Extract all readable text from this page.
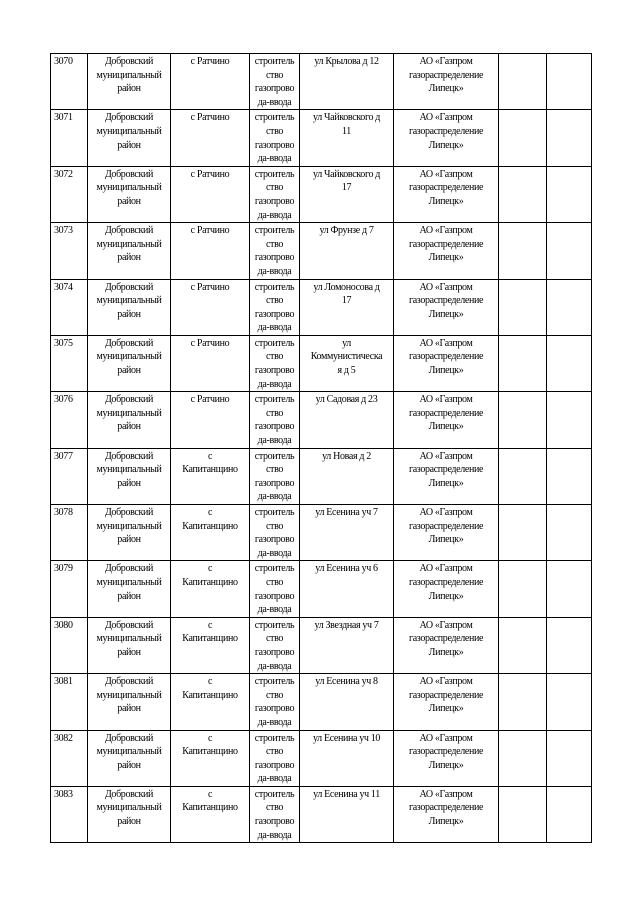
3070	Добровский
муниципальный
район	с Ратчино	строитель
ство
газопрово
да-ввода	ул Крылова д 12	АО «Газпром
газораспределение
Липецк»		

3071	Добровский
муниципальный
район	с Ратчино	строитель
ство
газопрово
да-ввода	ул Чайковского д
11	АО «Газпром
газораспределение
Липецк»		

3072	Добровский
муниципальный
район	с Ратчино	строитель
ство
газопрово
да-ввода	ул Чайковского д
17	АО «Газпром
газораспределение
Липецк»		

3073	Добровский
муниципальный
район	с Ратчино	строитель
ство
газопрово
да-ввода	ул Фрунзе д 7	АО «Газпром
газораспределение
Липецк»		

3074	Добровский
муниципальный
район	с Ратчино	строитель
ство
газопрово
да-ввода	ул Ломоносова д
17	АО «Газпром
газораспределение
Липецк»		

3075	Добровский
муниципальный
район	с Ратчино	строитель
ство
газопрово
да-ввода	ул
Коммунистическа
я д 5	АО «Газпром
газораспределение
Липецк»		

3076	Добровский
муниципальный
район	с Ратчино	строитель
ство
газопрово
да-ввода	ул Садовая д 23	АО «Газпром
газораспределение
Липецк»		

3077	Добровский
муниципальный
район	с
Капитанщино	строитель
ство
газопрово
да-ввода	ул Новая д 2	АО «Газпром
газораспределение
Липецк»		

3078	Добровский
муниципальный
район	с
Капитанщино	строитель
ство
газопрово
да-ввода	ул Есенина уч 7	АО «Газпром
газораспределение
Липецк»		

3079	Добровский
муниципальный
район	с
Капитанщино	строитель
ство
газопрово
да-ввода	ул Есенина уч 6	АО «Газпром
газораспределение
Липецк»		

3080	Добровский
муниципальный
район	с
Капитанщино	строитель
ство
газопрово
да-ввода	ул Звездная уч 7	АО «Газпром
газораспределение
Липецк»		

3081	Добровский
муниципальный
район	с
Капитанщино	строитель
ство
газопрово
да-ввода	ул Есенина уч 8	АО «Газпром
газораспределение
Липецк»		

3082	Добровский
муниципальный
район	с
Капитанщино	строитель
ство
газопрово
да-ввода	ул Есенина уч 10	АО «Газпром
газораспределение
Липецк»		

3083	Добровский
муниципальный
район	с
Капитанщино	строитель
ство
газопрово
да-ввода	ул Есенина уч 11	АО «Газпром
газораспределение
Липецк»		
